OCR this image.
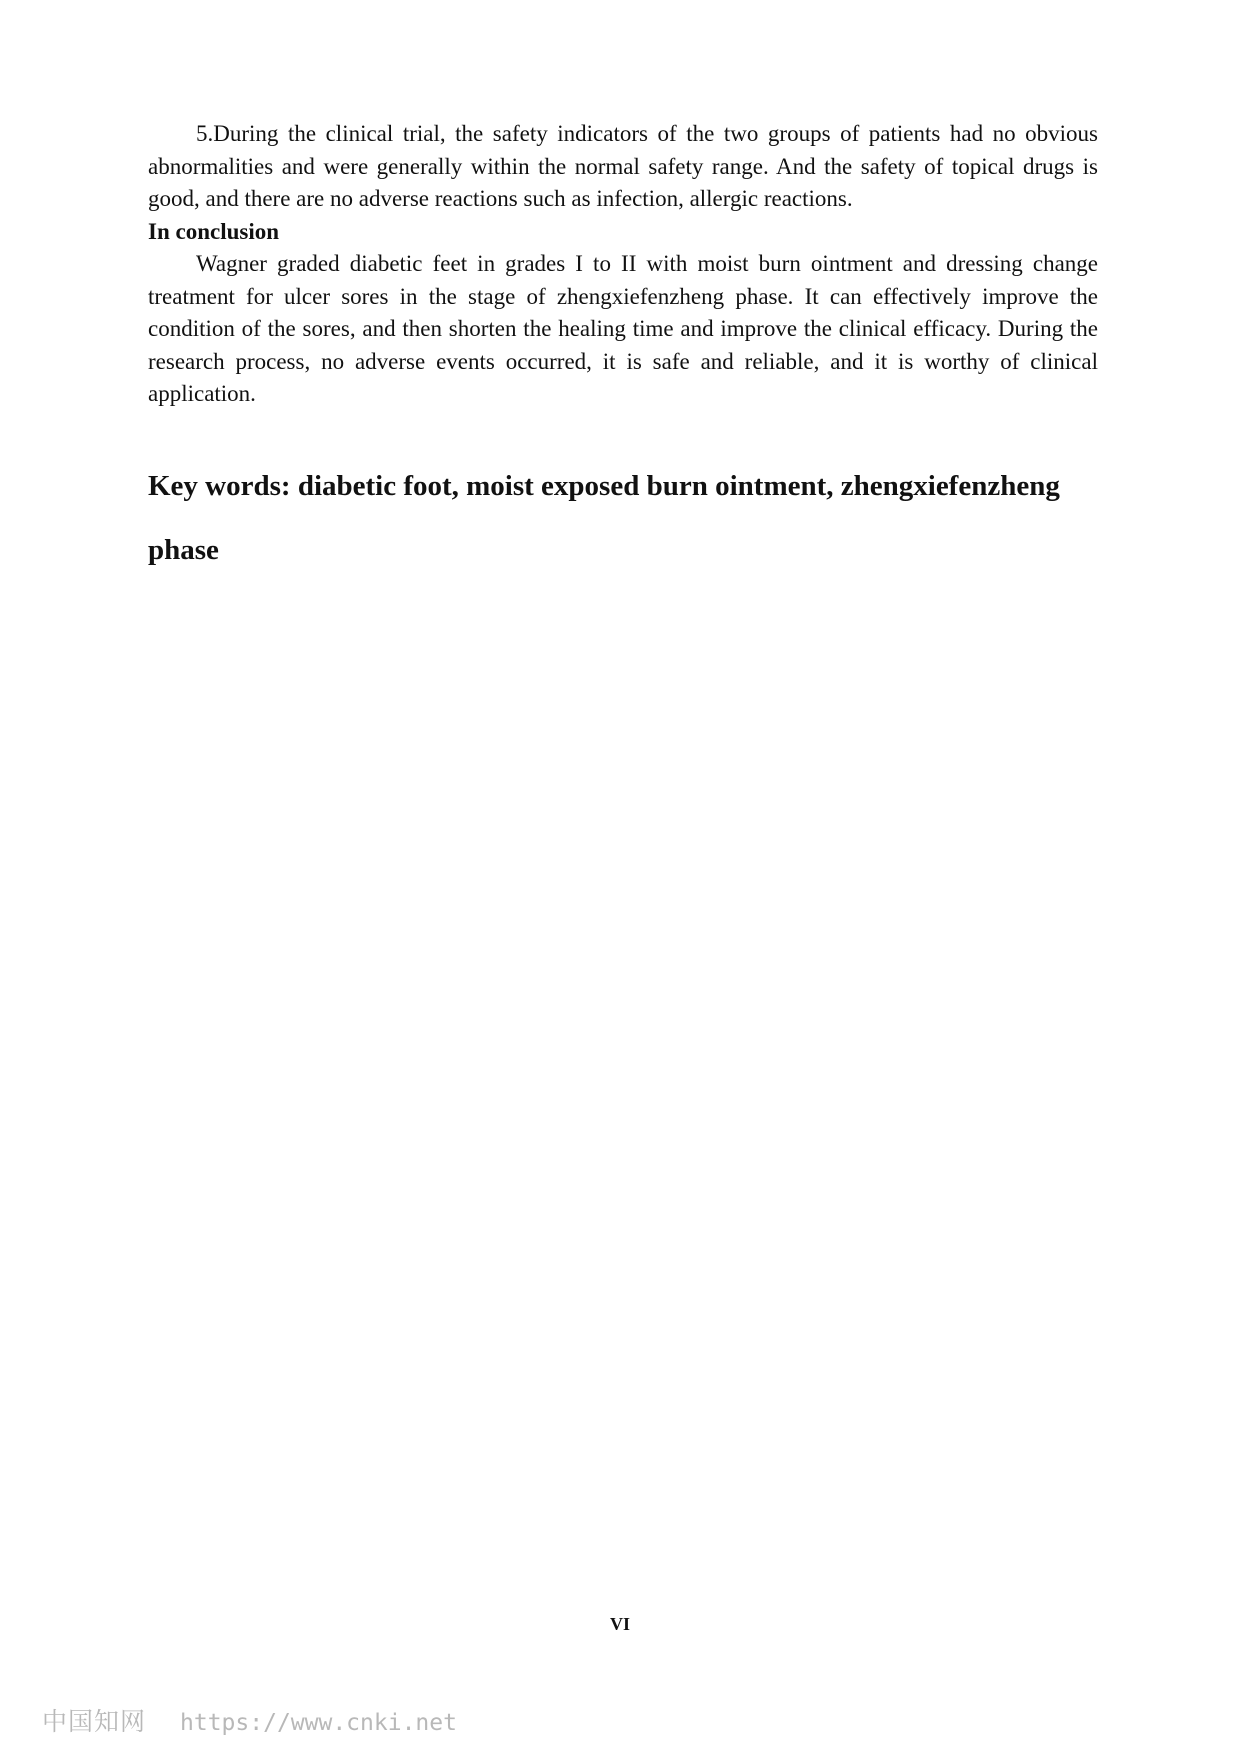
5.During the clinical trial, the safety indicators of the two groups of patients had no obvious abnormalities and were generally within the normal safety range. And the safety of topical drugs is good, and there are no adverse reactions such as infection, allergic reactions.

In conclusion

Wagner graded diabetic feet in grades I to II with moist burn ointment and dressing change treatment for ulcer sores in the stage of zhengxiefenzheng phase. It can effectively improve the condition of the sores, and then shorten the healing time and improve the clinical efficacy. During the research process, no adverse events occurred, it is safe and reliable, and it is worthy of clinical application.

Key words: diabetic foot, moist exposed burn ointment, zhengxiefenzheng phase

VI
中国知网 https://www.cnki.net
